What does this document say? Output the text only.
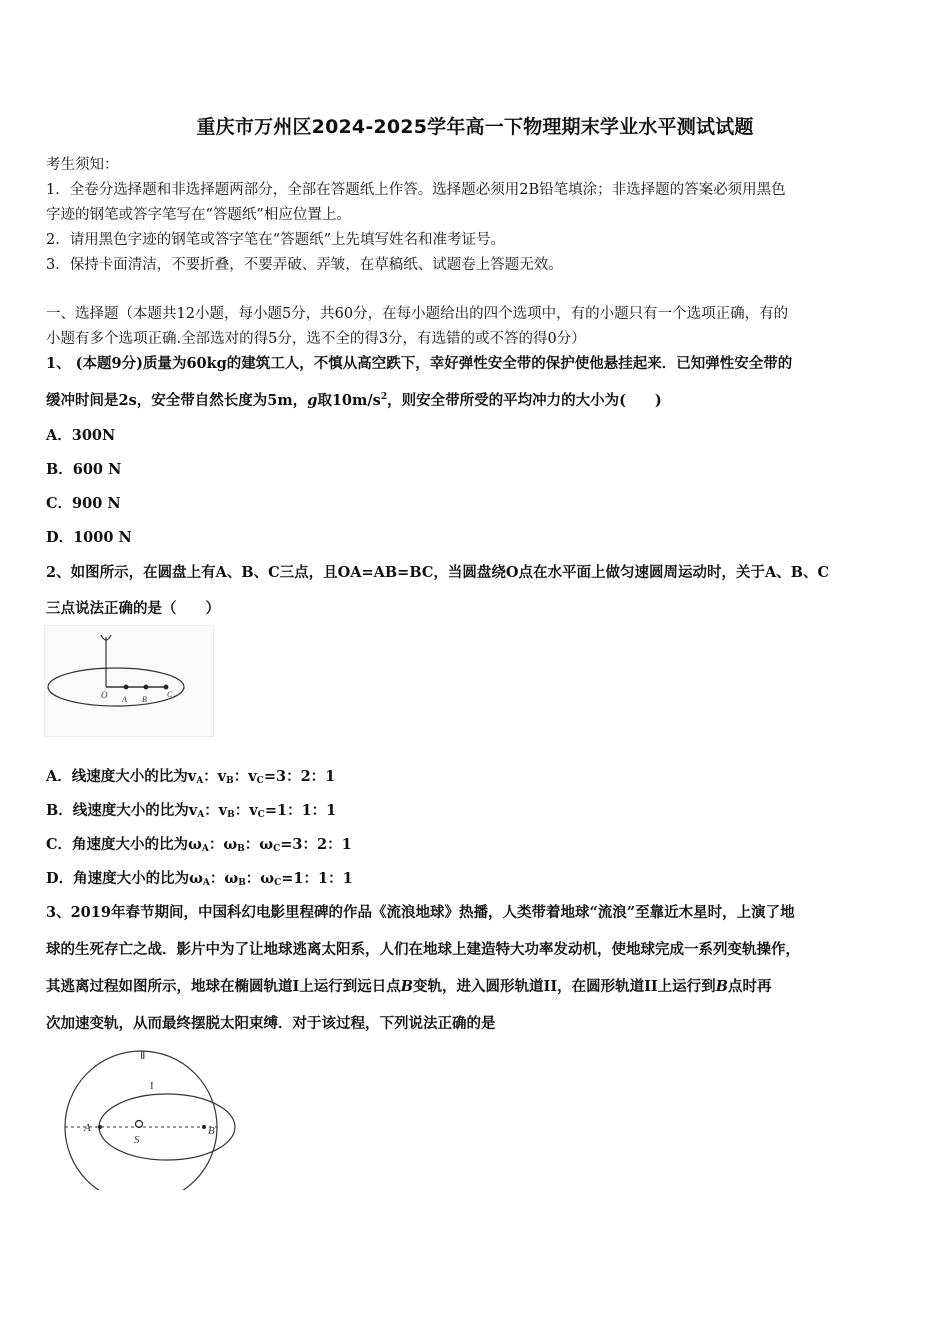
重庆市万州区2024-2025学年高一下物理期末学业水平测试试题
考生须知：
1．全卷分选择题和非选择题两部分，全部在答题纸上作答。选择题必须用2B铅笔填涂；非选择题的答案必须用黑色
字迹的钢笔或答字笔写在“答题纸”相应位置上。
2．请用黑色字迹的钢笔或答字笔在“答题纸”上先填写姓名和准考证号。
3．保持卡面清洁，不要折叠，不要弄破、弄皱，在草稿纸、试题卷上答题无效。
一、选择题（本题共12小题，每小题5分，共60分，在每小题给出的四个选项中，有的小题只有一个选项正确，有的
小题有多个选项正确.全部选对的得5分，选不全的得3分，有选错的或不答的得0分）
1、 (本题9分)质量为60kg的建筑工人，不慎从高空跌下，幸好弹性安全带的保护使他悬挂起来．已知弹性安全带的
缓冲时间是2s，安全带自然长度为5m，g取$10m/s^2$，则安全带所受的平均冲力的大小为(　　)
A．300N
B．600 N
C．900 N
D．1000 N
2、如图所示，在圆盘上有A、B、C三点，且OA=AB=BC，当圆盘绕O点在水平面上做匀速圆周运动时，关于A、B、C
三点说法正确的是（　　）
O A B
C
A．线速度大小的比为$v_A$：$v_B$：$v_C=3$：2：1
B．线速度大小的比为$v_A$：$v_B$：$v_C=1$：1：1
C．角速度大小的比为$\omega_A$：$\omega_B$：$\omega_C=3$：2：1
D．角速度大小的比为$\omega_A$：$\omega_B$：$\omega_C=1$：1：1
3、2019年春节期间，中国科幻电影里程碑的作品《流浪地球》热播，人类带着地球“流浪”至靠近木星时，上演了地
球的生死存亡之战．影片中为了让地球逃离太阳系，人们在地球上建造特大功率发动机，使地球完成一系列变轨操作，
其逃离过程如图所示，地球在椭圆轨道I上运行到远日点B变轨，进入圆形轨道II，在圆形轨道II上运行到B点时再
次加速变轨，从而最终摆脱太阳束缚．对于该过程，下列说法正确的是
Ⅱ
I
A
S
B
